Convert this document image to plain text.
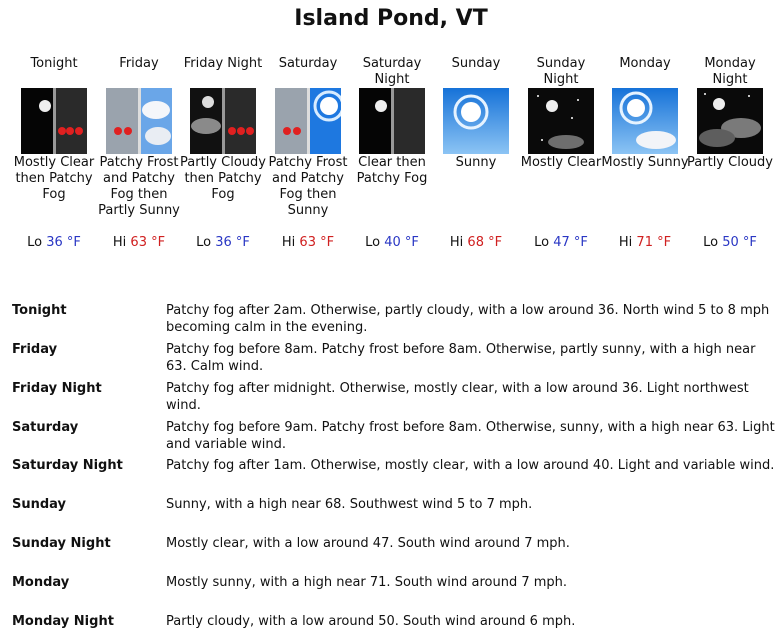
Island Pond, VT
Tonight
Mostly Clear then Patchy Fog
Lo 36 °F
Friday
Patchy Frost and Patchy Fog then Partly Sunny
Hi 63 °F
Friday Night
Partly Cloudy then Patchy Fog
Lo 36 °F
Saturday
Patchy Frost and Patchy Fog then Sunny
Hi 63 °F
Saturday Night
Clear then Patchy Fog
Lo 40 °F
Sunday
Sunny
Hi 68 °F
Sunday Night
Mostly Clear
Lo 47 °F
Monday
Mostly Sunny
Hi 71 °F
Monday Night
Partly Cloudy
Lo 50 °F
Tonight	Patchy fog after 2am. Otherwise, partly cloudy, with a low around 36. North wind 5 to 8 mph becoming calm in the evening.
Friday	Patchy fog before 8am. Patchy frost before 8am. Otherwise, partly sunny, with a high near 63. Calm wind.
Friday Night	Patchy fog after midnight. Otherwise, mostly clear, with a low around 36. Light northwest wind.
Saturday	Patchy fog before 9am. Patchy frost before 8am. Otherwise, sunny, with a high near 63. Light and variable wind.
Saturday Night	Patchy fog after 1am. Otherwise, mostly clear, with a low around 40. Light and variable wind.
Sunday	Sunny, with a high near 68. Southwest wind 5 to 7 mph.
Sunday Night	Mostly clear, with a low around 47. South wind around 7 mph.
Monday	Mostly sunny, with a high near 71. South wind around 7 mph.
Monday Night	Partly cloudy, with a low around 50. South wind around 6 mph.
